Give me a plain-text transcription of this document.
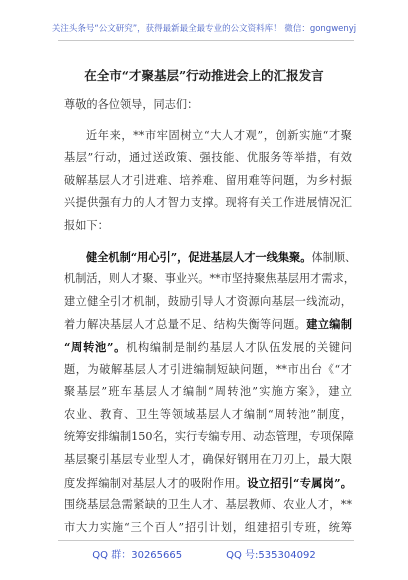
关注头条号“公文研究”，获得最新最全最专业的公文资料库！ 微信：gongwenyj
在全市“才聚基层”行动推进会上的汇报发言
尊敬的各位领导，同志们：
近年来，**市牢固树立“大人才观”，创新实施“才聚
基层”行动，通过送政策、强技能、优服务等举措，有效
破解基层人才引进难、培养难、留用难等问题，为乡村振
兴提供强有力的人才智力支撑。现将有关工作进展情况汇
报如下：
健全机制“用心引”，促进基层人才一线集聚。体制顺、
机制活，则人才聚、事业兴。**市坚持聚焦基层用才需求，
建立健全引才机制，鼓励引导人才资源向基层一线流动，
着力解决基层人才总量不足、结构失衡等问题。建立编制
“周转池”。机构编制是制约基层人才队伍发展的关键问
题，为破解基层人才引进编制短缺问题，**市出台《“才
聚基层”班车基层人才编制“周转池”实施方案》，建立
农业、教育、卫生等领域基层人才编制“周转池”制度，
统筹安排编制150名，实行专编专用、动态管理，专项保障
基层聚引基层专业型人才，确保好钢用在刀刃上，最大限
度发挥编制对基层人才的吸附作用。设立招引“专属岗”。
围绕基层急需紧缺的卫生人才、基层教师、农业人才，**
市大力实施“三个百人”招引计划，组建招引专班，统筹
QQ 群：30265665	QQ 号:535304092
